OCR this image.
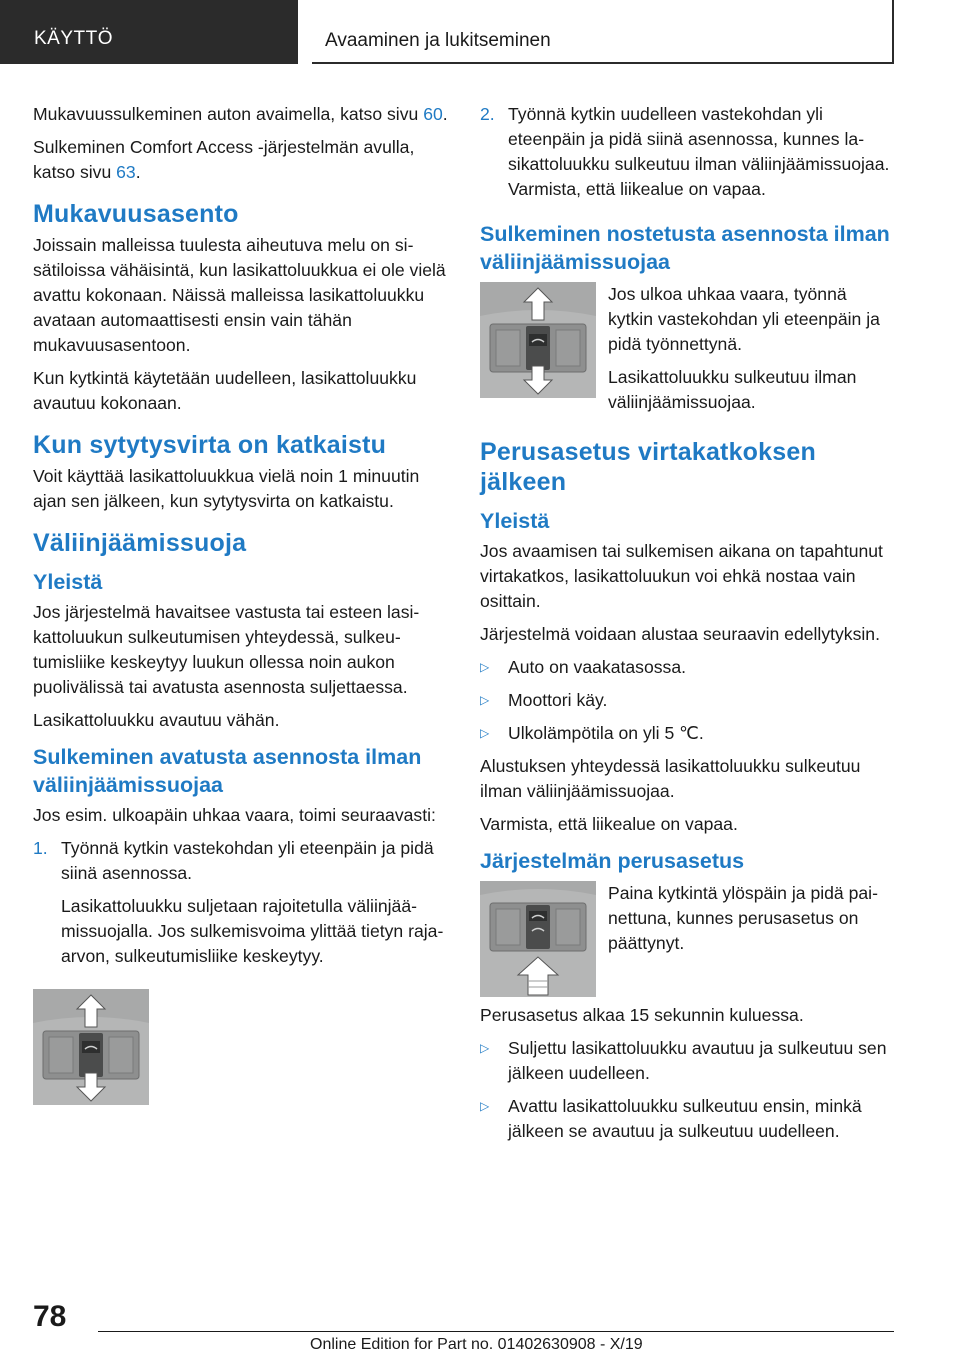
KÄYTTÖ	Avaaminen ja lukitseminen

Mukavuussulkeminen auton avaimella, katso sivu 60.

Sulkeminen Comfort Access -järjestelmän avulla, katso sivu 63.

Mukavuusasento

Joissain malleissa tuulesta aiheutuva melu on sisätiloissa vähäisintä, kun lasikattoluukkua ei ole vielä avattu kokonaan. Näissä malleissa lasikattoluukku avataan automaattisesti ensin vain tähän mukavuusasentoon.

Kun kytkintä käytetään uudelleen, lasikattoluukku avautuu kokonaan.

Kun sytytysvirta on katkaistu

Voit käyttää lasikattoluukkua vielä noin 1 minuutin ajan sen jälkeen, kun sytytysvirta on katkaistu.

Väliinjäämissuoja
Yleistä

Jos järjestelmä havaitsee vastusta tai esteen lasikattoluukun sulkeutumisen yhteydessä, sulkeutumisliike keskeytyy luukun ollessa noin aukon puolivälissä tai avatusta asennosta suljettaessa.

Lasikattoluukku avautuu vähän.

Sulkeminen avatusta asennosta ilman väliinjäämissuojaa

Jos esim. ulkoapäin uhkaa vaara, toimi seuraavasti:

1. Työnnä kytkin vastekohdan yli eteenpäin ja pidä siinä asennossa.

Lasikattoluukku suljetaan rajoitetulla väliinjäämissuojalla. Jos sulkemisvoima ylittää tietyn raja-arvon, sulkeutumisliike keskeytyy.

2. Työnnä kytkin uudelleen vastekohdan yli eteenpäin ja pidä siinä asennossa, kunnes lasikattoluukku sulkeutuu ilman väliinjäämissuojaa. Varmista, että liikealue on vapaa.

Sulkeminen nostetusta asennosta ilman väliinjäämissuojaa

Jos ulkoa uhkaa vaara, työnnä kytkin vastekohdan yli eteenpäin ja pidä työnnettynä.

Lasikattoluukku sulkeutuu ilman väliinjäämissuojaa.

Perusasetus virtakatkoksen jälkeen
Yleistä

Jos avaamisen tai sulkemisen aikana on tapahtunut virtakatkos, lasikattoluukun voi ehkä nostaa vain osittain.

Järjestelmä voidaan alustaa seuraavin edellytyksin.

▷	Auto on vaakatasossa.

▷	Moottori käy.

▷	Ulkolämpötila on yli 5 ℃.

Alustuksen yhteydessä lasikattoluukku sulkeutuu ilman väliinjäämissuojaa.

Varmista, että liikealue on vapaa.

Järjestelmän perusasetus

Paina kytkintä ylöspäin ja pidä painettuna, kunnes perusasetus on päättynyt.

Perusasetus alkaa 15 sekunnin kuluessa.

▷	Suljettu lasikattoluukku avautuu ja sulkeutuu sen jälkeen uudelleen.

▷	Avattu lasikattoluukku sulkeutuu ensin, minkä jälkeen se avautuu ja sulkeutuu uudelleen.

78
Online Edition for Part no. 01402630908 - X/19
